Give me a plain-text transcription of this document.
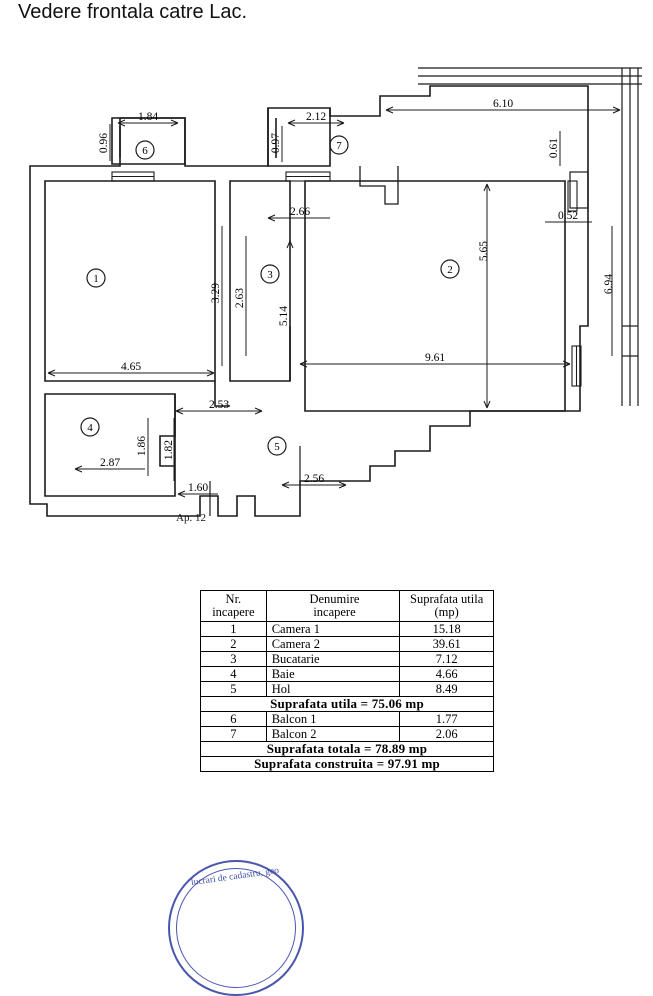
Vedere frontala catre Lac.
1
2
3
4
5
6	7
1.84	2.12
6.10
0.52
2.66
9.61
4.65
2.53
2.87
1.60
2.56
0.96	0.97	0.61
5.65
6.94
3.29 2.63
5.14
1.86 1.82
Ap. 12
Nr.
incapere

Denumire
incapere

Suprafata utila
(mp)

1	Camera 1	15.18
2	Camera 2	39.61
3	Bucatarie	7.12
4	Baie	4.66
5	Hol	8.49
Suprafata utila = 75.06 mp		
6	Balcon 1	1.77
7	Balcon 2	2.06
Suprafata totala = 78.89 mp		
Suprafata construita = 97.91 mp		
lucrari de cadastru, geo
